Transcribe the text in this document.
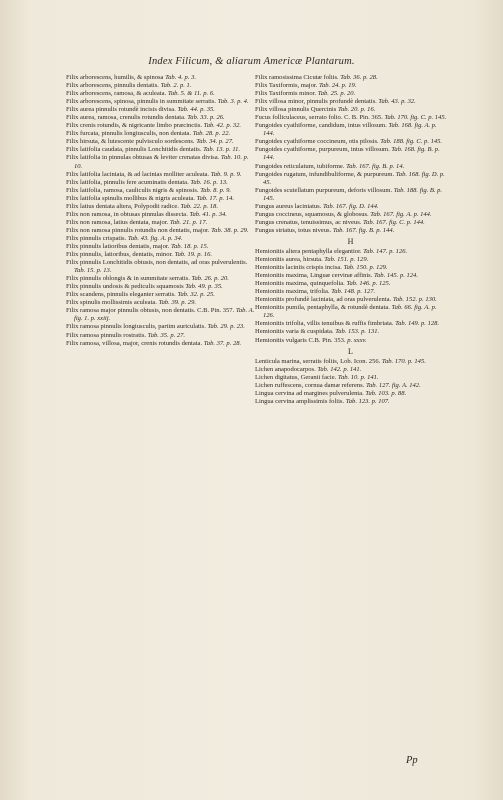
Index Filicum, & aliarum Americæ Plantarum.

Filix arborescens, humilis, & spinosa Tab. 4. p. 3.

Filix arborescens, pinnulis dentatis. Tab. 2. p. 1.

Filix arborescens, ramosa, & aculeata. Tab. 5. & 11. p. 6.

Filix arborescens, spinosa, pinnulis in summitate serratis. Tab. 3. p. 4.

Filix aurea pinnulis rotundè incisis divisa. Tab. 44. p. 35.

Filix aurea, ramosa, crenulis rotundis dentata. Tab. 33. p. 26.

Filix crenis rotundis, & nigricante limbo præcinctis. Tab. 42. p. 32.

Filix furcata, pinnulis longiusculis, non dentata. Tab. 28. p. 22.

Filix hirsuta, & lutescente pulvisculo sordescens. Tab. 34. p. 27.

Filix latifolia caudata, pinnulis Lonchitidis dentatis. Tab. 13. p. 11.

Filix latifolia in pinnulas obtusas & leviter crenatas divisa. Tab. 10. p. 10.

Filix latifolia laciniata, & ad lacinias molliter aculeata. Tab. 9. p. 9.

Filix latifolia, pinnulis fere acuminatis dentata. Tab. 16. p. 13.

Filix latifolia, ramosa, cauliculis nigris & spinosis. Tab. 8. p. 9.

Filix latifolia spinulis mollibus & nigris aculeata. Tab. 17. p. 14.

Filix latius dentata altera, Polypodii radice. Tab. 22. p. 18.

Filix non ramosa, in obtusas pinnulas dissecta. Tab. 41. p. 34.

Filix non ramosa, latius dentata, major. Tab. 21. p. 17.

Filix non ramosa pinnulis rotundis non dentatis, major. Tab. 38. p. 29.

Filix pinnulis crispatis. Tab. 43. fig. A. p. 34.

Filix pinnulis latioribus dentatis, major. Tab. 18. p. 15.

Filix pinnulis, latioribus, dentatis, minor. Tab. 19. p. 16.

Filix pinnulis Lonchitidis obtusis, non dentatis, ad oras pulverulentis. Tab. 15. p. 13.

Filix pinnulis oblongis & in summitate serratis. Tab. 26. p. 20.

Filix pinnulis undosis & pediculis squamosis Tab. 49. p. 35.

Filix scandens, pinnulis eleganter serratis. Tab. 32. p. 25.

Filix spinulis mollissimis aculeata. Tab. 39. p. 29.

Filix ramosa major pinnulis obtusis, non dentatis. C.B. Pin. 357. Tab. A. fig. 1. p. xxiij.

Filix ramosa pinnulis longiusculis, partim auriculatis. Tab. 29. p. 23.

Filix ramosa pinnulis rostratis. Tab. 35. p. 27.

Filix ramosa, villosa, major, crenis rotundis dentata. Tab. 37. p. 28.

Filix ramosissima Cicutæ foliis. Tab. 36. p. 28.

Filix Taxiformis, major. Tab. 24. p. 19.

Filix Taxiformis minor. Tab. 25. p. 20.

Filix villosa minor, pinnulis profundè dentatis. Tab. 43. p. 32.

Filix villosa pinnulis Quercinis Tab. 20. p. 16.

Fucus folliculaceus, serrato folio. C. B. Pin. 365. Tab. 170. fig. C. p. 145.

Fungoides cyathiforme, candidum, intus villosum. Tab. 168. fig. A. p. 144.

Fungoides cyathiforme coccineum, otis pilosis. Tab. 188. fig. C. p. 145.

Fungoides cyathiforme, purpureum, intus villosum. Tab. 168. fig. B. p. 144.

Fungoides reticulatum, tubiforme. Tab. 167. fig. B. p. 14.

Fungoides rugatum, infundibuliforme, & purpureum. Tab. 168. fig. D. p. 45.

Fungoides scutellatum purpureum, deforis villosum. Tab. 188. fig. B. p. 145.

Fungus aureus laciniatus. Tab. 167. fig. D. 144.

Fungus coccineus, squamosus, & globosus. Tab. 167. fig. A. p. 144.

Fungus crenatus, tenuissimus, ac niveus. Tab. 167. fig. C. p. 144.

Fungus striatus, totus niveus. Tab. 167. fig. B. p. 144.

H

Hemionitis altera pentaphylla elegantior. Tab. 147. p. 126.

Hemionitis aurea, hirsuta. Tab. 151. p. 129.

Hemionitis laciniis crispis incisa. Tab. 150. p. 129.

Hemionitis maxima, Linguæ cervinæ affinis. Tab. 145. p. 124.

Hemionitis maxima, quinquefolia. Tab. 146. p. 125.

Hemionitis maxima, trifolia. Tab. 148. p. 127.

Hemionitis profundè laciniata, ad oras pulverulenta. Tab. 152. p. 130.

Hemionitis pumila, pentaphylla, & rotundè dentata. Tab. 66. fig. A. p. 126.

Hemionitis trifolia, villis tenuibus & ruffis fimbriata. Tab. 149. p. 128.

Hemionitis varia & cuspidata. Tab. 153. p. 131.

Hemionitis vulgaris C.B. Pin. 353. p. xxxv.

L

Lenticula marina, serratis foliis, Lob. Icon. 256. Tab. 170. p. 145.

Lichen anapodocarpos. Tab. 142. p. 141.

Lichen digitatus, Geranii facie. Tab. 10. p. 141.

Lichen ruffescens, cornua damæ referens. Tab. 127. fig. A. 142.

Lingua cervina ad margines pulverulenta. Tab. 103. p. 88.

Lingua cervina amplissimis foliis. Tab. 123. p. 107.

Pp
